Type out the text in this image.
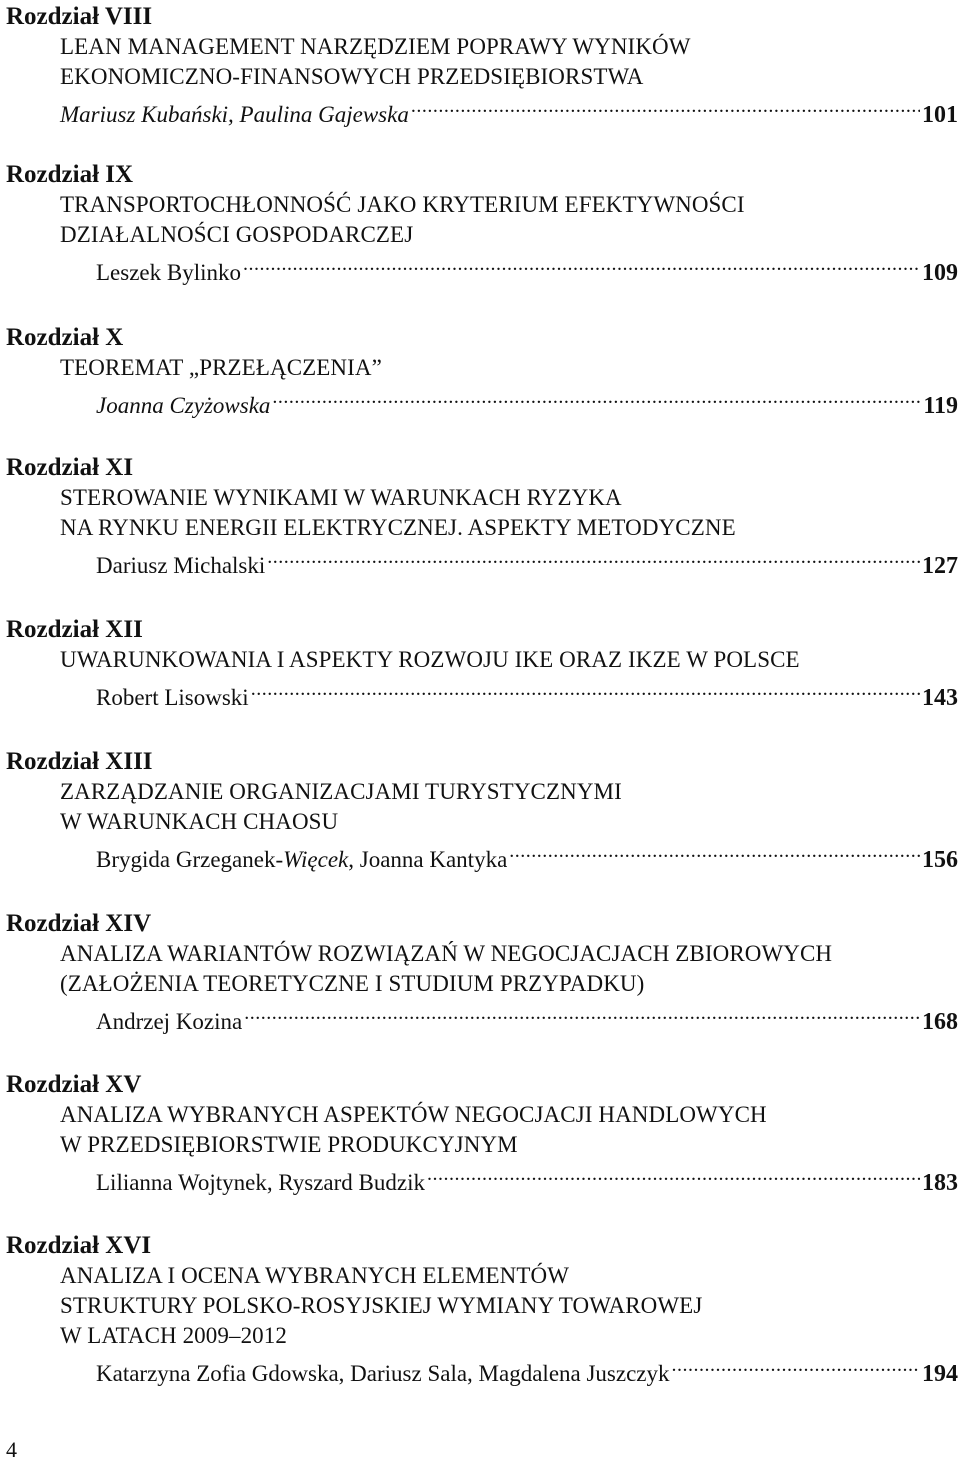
Rozdział VIII
LEAN MANAGEMENT NARZĘDZIEM POPRAWY WYNIKÓW
EKONOMICZNO-FINANSOWYCH PRZEDSIĘBIORSTWA
Mariusz Kubański, Paulina Gajewska .....	101
Rozdział IX
TRANSPORTOCHŁONNOŚĆ JAKO KRYTERIUM EFEKTYWNOŚCI
DZIAŁALNOŚCI GOSPODARCZEJ
Leszek Bylinko .....	109
Rozdział X
TEOREMAT „PRZEŁĄCZENIA”
Joanna Czyżowska .....	119
Rozdział XI
STEROWANIE WYNIKAMI W WARUNKACH RYZYKA
NA RYNKU ENERGII ELEKTRYCZNEJ. ASPEKTY METODYCZNE
Dariusz Michalski .....	127
Rozdział XII
UWARUNKOWANIA I ASPEKTY ROZWOJU IKE ORAZ IKZE W POLSCE
Robert Lisowski .....	143
Rozdział XIII
ZARZĄDZANIE ORGANIZACJAMI TURYSTYCZNYMI
W WARUNKACH CHAOSU
Brygida Grzeganek-Więcek, Joanna Kantyka .....	156
Rozdział XIV
ANALIZA WARIANTÓW ROZWIĄZAŃ W NEGOCJACJACH ZBIOROWYCH
(ZAŁOŻENIA TEORETYCZNE I STUDIUM PRZYPADKU)
Andrzej Kozina .....	168
Rozdział XV
ANALIZA WYBRANYCH ASPEKTÓW NEGOCJACJI HANDLOWYCH
W PRZEDSIĘBIORSTWIE PRODUKCYJNYM
Lilianna Wojtynek, Ryszard Budzik .....	183
Rozdział XVI
ANALIZA I OCENA WYBRANYCH ELEMENTÓW
STRUKTURY POLSKO-ROSYJSKIEJ WYMIANY TOWAROWEJ
W LATACH 2009–2012
Katarzyna Zofia Gdowska, Dariusz Sala, Magdalena Juszczyk .....	194
4
